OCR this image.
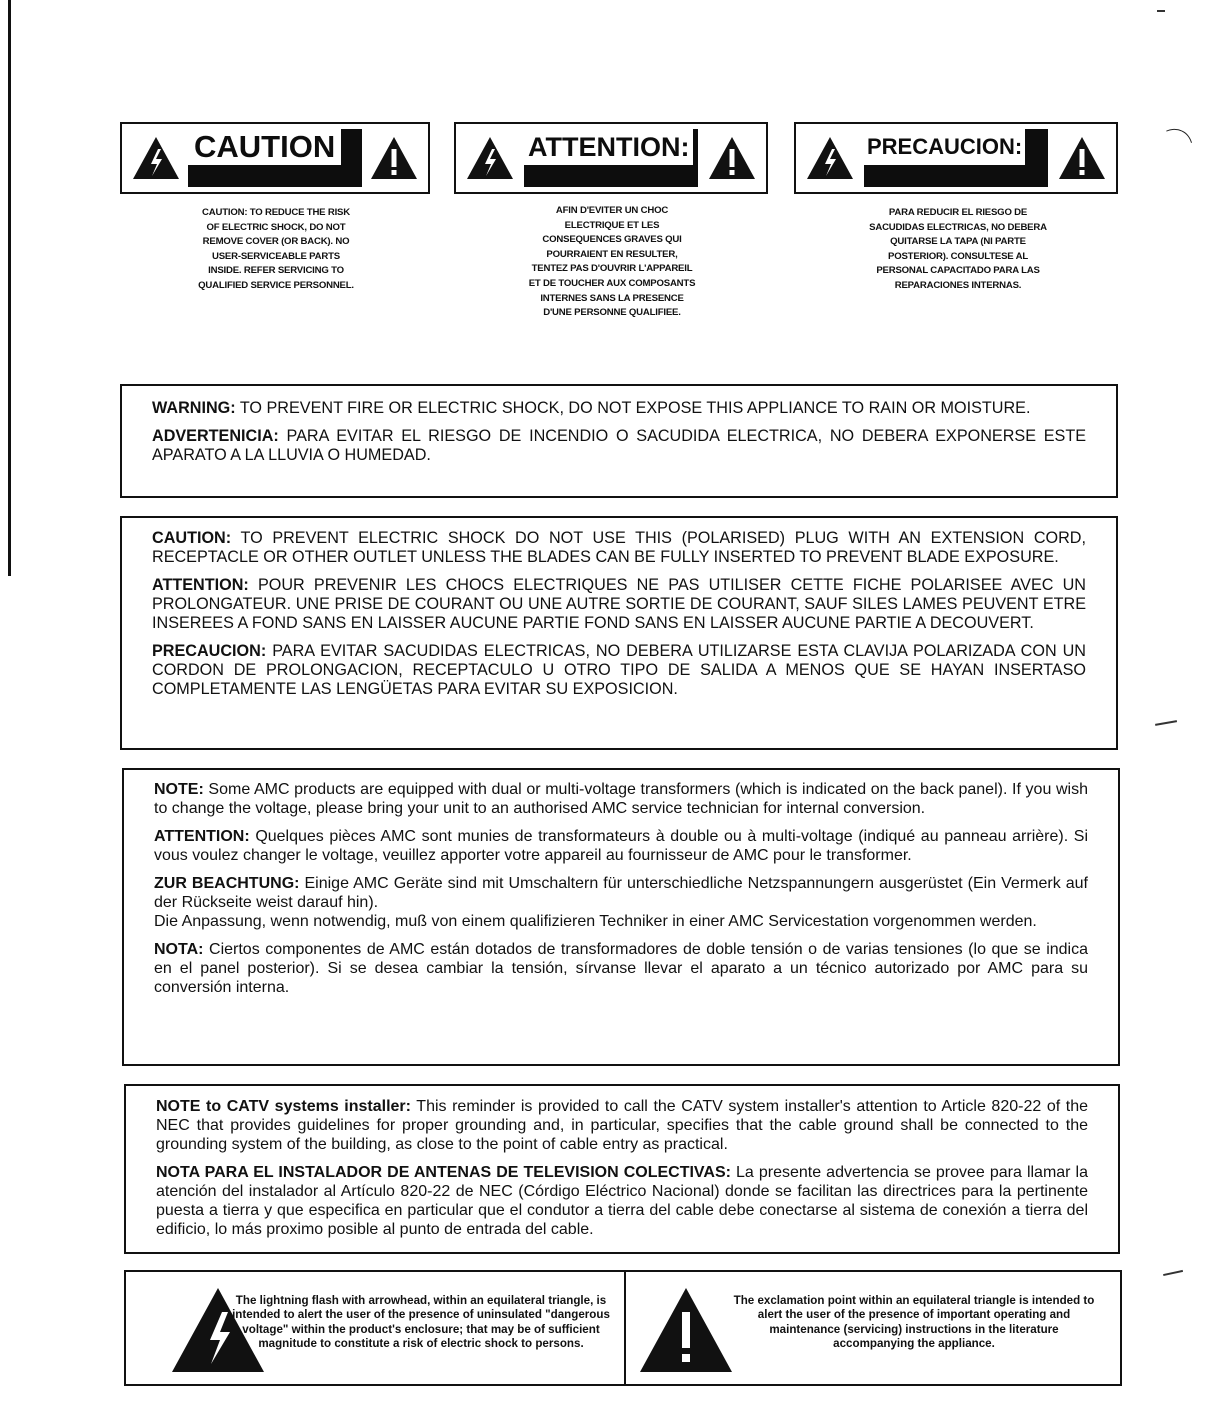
CAUTION	ATTENTION:	PRECAUCION:
CAUTION: TO REDUCE THE RISK OF ELECTRIC SHOCK, DO NOT REMOVE COVER (OR BACK). NO USER-SERVICEABLE PARTS INSIDE. REFER SERVICING TO QUALIFIED SERVICE PERSONNEL.
AFIN D'EVITER UN CHOC ELECTRIQUE ET LES CONSEQUENCES GRAVES QUI POURRAIENT EN RESULTER, TENTEZ PAS D'OUVRIR L'APPAREIL ET DE TOUCHER AUX COMPOSANTS INTERNES SANS LA PRESENCE D'UNE PERSONNE QUALIFIEE.
PARA REDUCIR EL RIESGO DE SACUDIDAS ELECTRICAS, NO DEBERA QUITARSE LA TAPA (NI PARTE POSTERIOR). CONSULTESE AL PERSONAL CAPACITADO PARA LAS REPARACIONES INTERNAS.

WARNING: TO PREVENT FIRE OR ELECTRIC SHOCK, DO NOT EXPOSE THIS APPLIANCE TO RAIN OR MOISTURE.

ADVERTENICIA: PARA EVITAR EL RIESGO DE INCENDIO O SACUDIDA ELECTRICA, NO DEBERA EXPONERSE ESTE APARATO A LA LLUVIA O HUMEDAD.

CAUTION: TO PREVENT ELECTRIC SHOCK DO NOT USE THIS (POLARISED) PLUG WITH AN EXTENSION CORD, RECEPTACLE OR OTHER OUTLET UNLESS THE BLADES CAN BE FULLY INSERTED TO PREVENT BLADE EXPOSURE.

ATTENTION: POUR PREVENIR LES CHOCS ELECTRIQUES NE PAS UTILISER CETTE FICHE POLARISEE AVEC UN PROLONGATEUR. UNE PRISE DE COURANT OU UNE AUTRE SORTIE DE COURANT, SAUF SILES LAMES PEUVENT ETRE INSEREES A FOND SANS EN LAISSER AUCUNE PARTIE FOND SANS EN LAISSER AUCUNE PARTIE A DECOUVERT.

PRECAUCION: PARA EVITAR SACUDIDAS ELECTRICAS, NO DEBERA UTILIZARSE ESTA CLAVIJA POLARIZADA CON UN CORDON DE PROLONGACION, RECEPTACULO U OTRO TIPO DE SALIDA A MENOS QUE SE HAYAN INSERTASO COMPLETAMENTE LAS LENGÜETAS PARA EVITAR SU EXPOSICION.

NOTE: Some AMC products are equipped with dual or multi-voltage transformers (which is indicated on the back panel). If you wish to change the voltage, please bring your unit to an authorised AMC service technician for internal conversion.

ATTENTION: Quelques pièces AMC sont munies de transformateurs à double ou à multi-voltage (indiqué au panneau arrière). Si vous voulez changer le voltage, veuillez apporter votre appareil au fournisseur de AMC pour le transformer.

ZUR BEACHTUNG: Einige AMC Geräte sind mit Umschaltern für unterschiedliche Netzspannungern ausgerüstet (Ein Vermerk auf der Rückseite weist darauf hin).

Die Anpassung, wenn notwendig, muß von einem qualifizieren Techniker in einer AMC Servicestation vorgenommen werden.

NOTA: Ciertos componentes de AMC están dotados de transformadores de doble tensión o de varias tensiones (lo que se indica en el panel posterior). Si se desea cambiar la tensión, sírvanse llevar el aparato a un técnico autorizado por AMC para su conversión interna.

NOTE to CATV systems installer: This reminder is provided to call the CATV system installer's attention to Article 820-22 of the NEC that provides guidelines for proper grounding and, in particular, specifies that the cable ground shall be connected to the grounding system of the building, as close to the point of cable entry as practical.

NOTA PARA EL INSTALADOR DE ANTENAS DE TELEVISION COLECTIVAS: La presente advertencia se provee para llamar la atención del instalador al Artículo 820-22 de NEC (Córdigo Eléctrico Nacional) donde se facilitan las directrices para la pertinente puesta a tierra y que especifica en particular que el condutor a tierra del cable debe conectarse al sistema de conexión a tierra del edificio, lo más proximo posible al punto de entrada del cable.

The lightning flash with arrowhead, within an equilateral triangle, is intended to alert the user of the presence of uninsulated "dangerous voltage" within the product's enclosure; that may be of sufficient magnitude to constitute a risk of electric shock to persons.
The exclamation point within an equilateral triangle is intended to alert the user of the presence of important operating and maintenance (servicing) instructions in the literature accompanying the appliance.
